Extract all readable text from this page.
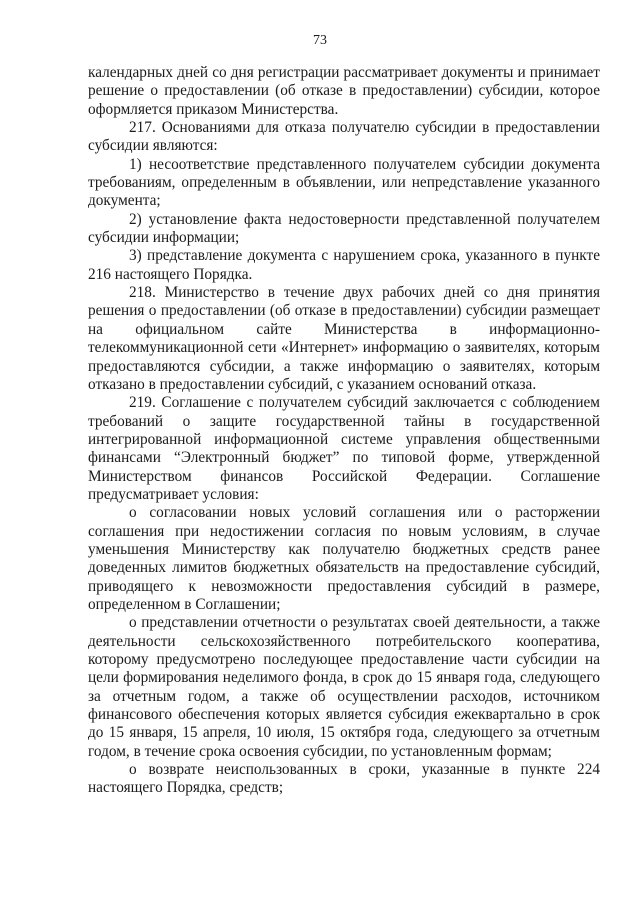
73
календарных дней со дня регистрации рассматривает документы и принимает
решение о предоставлении (об отказе в предоставлении) субсидии, которое
оформляется приказом Министерства.
217. Основаниями для отказа получателю субсидии в предоставлении
субсидии являются:
1) несоответствие представленного получателем субсидии документа
требованиям, определенным в объявлении, или непредставление указанного
документа;
2) установление факта недостоверности представленной получателем
субсидии информации;
3) представление документа с нарушением срока, указанного в пункте
216 настоящего Порядка.
218. Министерство в течение двух рабочих дней со дня принятия
решения о предоставлении (об отказе в предоставлении) субсидии размещает
на официальном сайте Министерства в информационно-
телекоммуникационной сети «Интернет» информацию о заявителях, которым
предоставляются субсидии, а также информацию о заявителях, которым
отказано в предоставлении субсидий, с указанием оснований отказа.
219. Соглашение с получателем субсидий заключается с соблюдением
требований о защите государственной тайны в государственной
интегрированной информационной системе управления общественными
финансами “Электронный бюджет” по типовой форме, утвержденной
Министерством финансов Российской Федерации. Соглашение
предусматривает условия:
о согласовании новых условий соглашения или о расторжении
соглашения при недостижении согласия по новым условиям, в случае
уменьшения Министерству как получателю бюджетных средств ранее
доведенных лимитов бюджетных обязательств на предоставление субсидий,
приводящего к невозможности предоставления субсидий в размере,
определенном в Соглашении;
о представлении отчетности о результатах своей деятельности, а также
деятельности сельскохозяйственного потребительского кооператива,
которому предусмотрено последующее предоставление части субсидии на
цели формирования неделимого фонда, в срок до 15 января года, следующего
за отчетным годом, а также об осуществлении расходов, источником
финансового обеспечения которых является субсидия ежеквартально в срок
до 15 января, 15 апреля, 10 июля, 15 октября года, следующего за отчетным
годом, в течение срока освоения субсидии, по установленным формам;
о возврате неиспользованных в сроки, указанные в пункте 224
настоящего Порядка, средств;
